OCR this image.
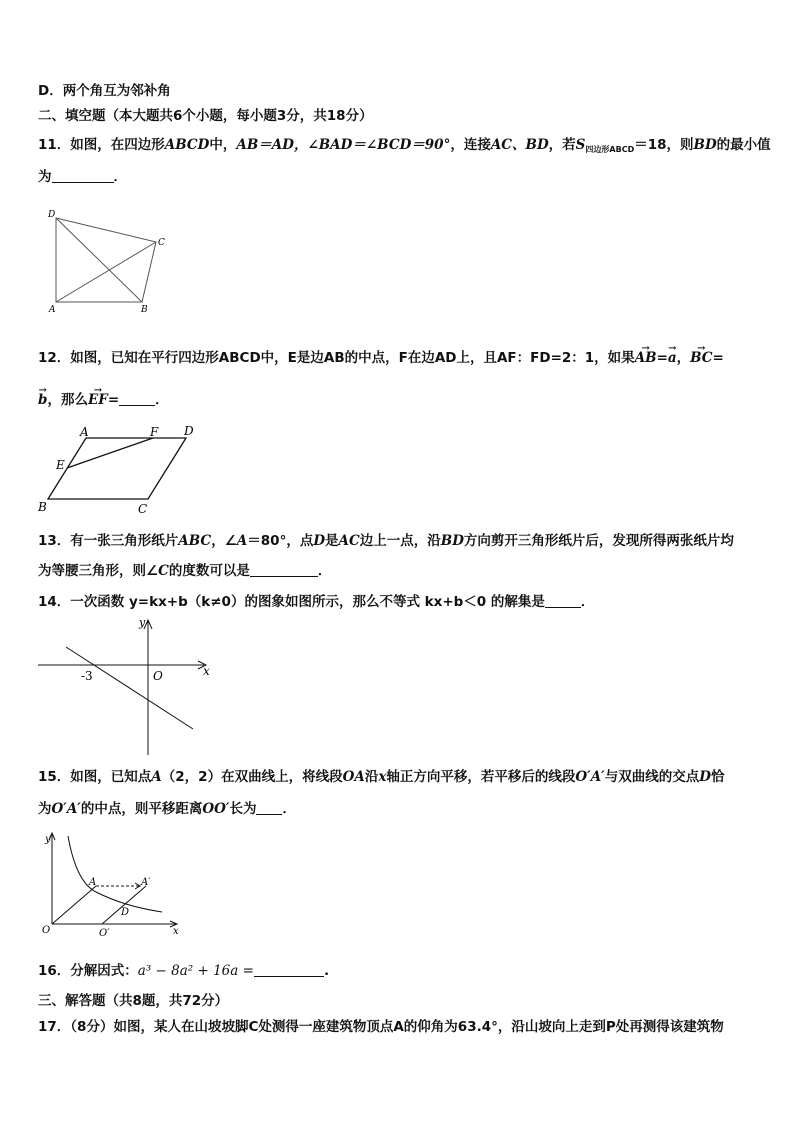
D．两个角互为邻补角
二、填空题（本大题共6个小题，每小题3分，共18分）
11．如图，在四边形ABCD中，AB＝AD，∠BAD＝∠BCD＝90°，连接AC、BD，若$S_{四边形ABCD}=18$，则BD的最小值
为	．
D
C
A	B
12．如图，已知在平行四边形ABCD中，E是边AB的中点，F在边AD上，且AF：FD=2：1，如果→ AB=→ a，→ BC=
→ b，那么→ EF=	．
A	F D
E
B	C
13．有一张三角形纸片ABC，∠A＝80°，点D是AC边上一点，沿BD方向剪开三角形纸片后，发现所得两张纸片均
为等腰三角形，则∠C的度数可以是	．
14．一次函数 y=kx+b（k≠0）的图象如图所示，那么不等式 kx+b＜0 的解集是	．
y
x
O
-3
15．如图，已知点A（2，2）在双曲线上，将线段OA沿x轴正方向平移，若平移后的线段O′A′与双曲线的交点D恰
为O′A′的中点，则平移距离OO′长为 ．
y
A	A′
D
O	O′	x
16．分解因式：a³ − 8a² + 16a =	.
三、解答题（共8题，共72分）
17．（8分）如图，某人在山坡坡脚C处测得一座建筑物顶点A的仰角为63.4°，沿山坡向上走到P处再测得该建筑物
